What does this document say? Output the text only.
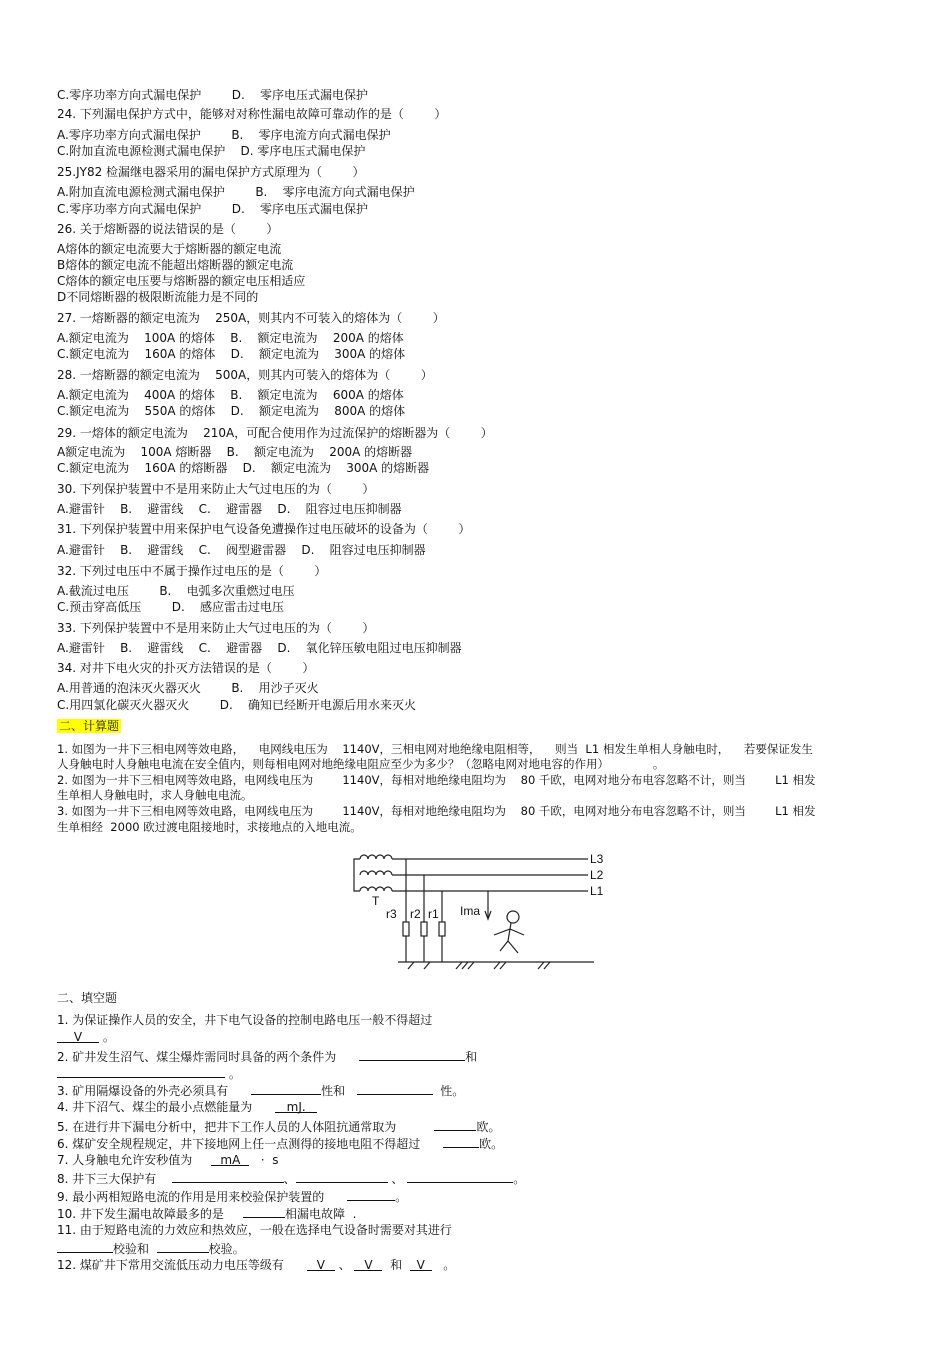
C.零序功率方向式漏电保护        D.    零序电压式漏电保护
24. 下列漏电保护方式中，能够对对称性漏电故障可靠动作的是（        ）
A.零序功率方向式漏电保护        B.    零序电流方向式漏电保护
C.附加直流电源检测式漏电保护    D. 零序电压式漏电保护
25.JY82 检漏继电器采用的漏电保护方式原理为（        ）
A.附加直流电源检测式漏电保护        B.    零序电流方向式漏电保护
C.零序功率方向式漏电保护        D.    零序电压式漏电保护
26. 关于熔断器的说法错误的是（        ）
A熔体的额定电流要大于熔断器的额定电流
B熔体的额定电流不能超出熔断器的额定电流
C熔体的额定电压要与熔断器的额定电压相适应
D不同熔断器的极限断流能力是不同的
27. 一熔断器的额定电流为    250A，则其内不可装入的熔体为（        ）
A.额定电流为    100A 的熔体    B.    额定电流为    200A 的熔体
C.额定电流为    160A 的熔体    D.    额定电流为    300A 的熔体
28. 一熔断器的额定电流为    500A，则其内可装入的熔体为（        ）
A.额定电流为    400A 的熔体    B.    额定电流为    600A 的熔体
C.额定电流为    550A 的熔体    D.    额定电流为    800A 的熔体
29. 一熔体的额定电流为    210A，可配合使用作为过流保护的熔断器为（        ）
A额定电流为    100A 熔断器    B.    额定电流为    200A 的熔断器
C.额定电流为    160A 的熔断器    D.    额定电流为    300A 的熔断器
30. 下列保护装置中不是用来防止大气过电压的为（        ）
A.避雷针    B.    避雷线    C.    避雷器    D.    阻容过电压抑制器
31. 下列保护装置中用来保护电气设备免遭操作过电压破坏的设备为（        ）
A.避雷针    B.    避雷线    C.    阀型避雷器    D.    阻容过电压抑制器
32. 下列过电压中不属于操作过电压的是（        ）
A.截流过电压        B.    电弧多次重燃过电压
C.预击穿高低压        D.    感应雷击过电压
33. 下列保护装置中不是用来防止大气过电压的为（        ）
A.避雷针    B.    避雷线    C.    避雷器    D.    氧化锌压敏电阻过电压抑制器
34. 对井下电火灾的扑灭方法错误的是（        ）
A.用普通的泡沫灭火器灭火        B.    用沙子灭火
C.用四氯化碳灭火器灭火        D.    确知已经断开电源后用水来灭火
二、计算题
1. 如图为一井下三相电网等效电路，    电网线电压为    1140V，三相电网对地绝缘电阻相等，    则当  L1 相发生单相人身触电时，    若要保证发生
人身触电时人身触电电流在安全值内，则每相电网对地绝缘电阻应至少为多少？（忽略电网对地电容的作用）            。
2. 如图为一井下三相电网等效电路，电网线电压为        1140V，每相对地绝缘电阻均为    80 千欧，电网对地分布电容忽略不计，则当        L1 相发
生单相人身触电时，求人身触电电流。
3. 如图为一井下三相电网等效电路，电网线电压为        1140V，每相对地绝缘电阻均为    80 千欧，电网对地分布电容忽略不计，则当        L1 相发
生单相经  2000 欧过渡电阻接地时，求接地点的入地电流。
L3
L2
L1
T
r3 r2 r1 Ima
二、填空题
1. 为保证操作人员的安全，井下电气设备的控制电路电压一般不得超过
V 。
2. 矿井发生沼气、煤尘爆炸需同时具备的两个条件为	和
。
3. 矿用隔爆设备的外壳必须具有	性和	性。
4. 井下沼气、煤尘的最小点燃能量为	mJ.
5. 在进行井下漏电分析中，把井下工作人员的人体阻抗通常取为	欧。
6. 煤矿安全规程规定，井下接地网上任一点测得的接地电阻不得超过	欧。
7. 人身触电允许安秒值为 mA · s
8. 井下三大保护有	、	、	。
9. 最小两相短路电流的作用是用来校验保护装置的	。
10. 井下发生漏电故障最多的是	相漏电故障 .
11. 由于短路电流的力效应和热效应，一般在选择电气设备时需要对其进行
校验和	校验。
12. 煤矿井下常用交流低压动力电压等级有	V 、 V 和 V 。
